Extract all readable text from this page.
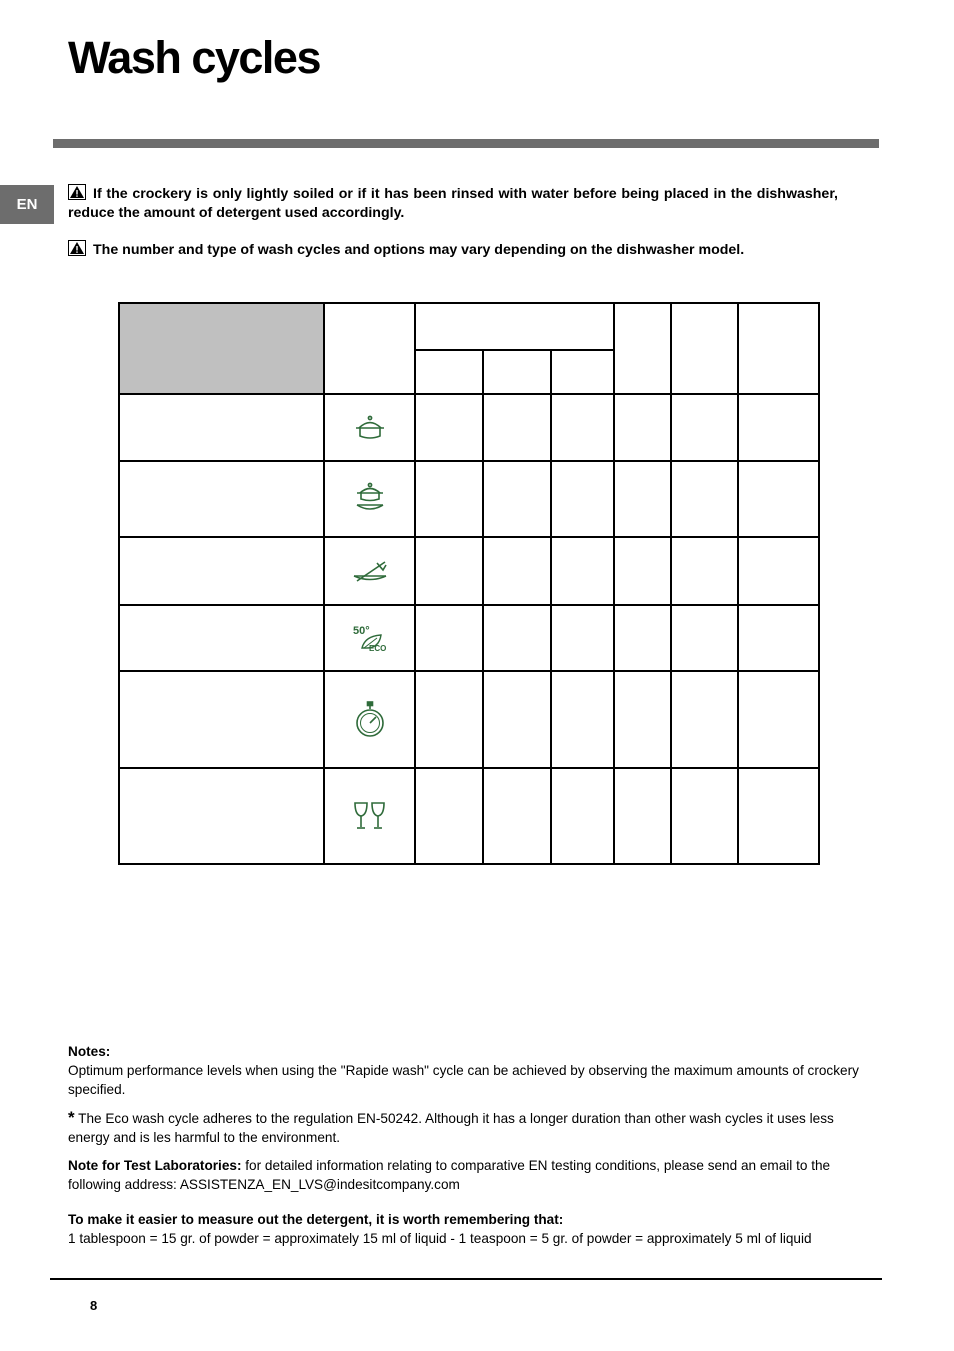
Wash cycles
EN
If the crockery is only lightly soiled or if it has been rinsed with water before being placed in the dishwasher, reduce the amount of detergent used accordingly.
The number and type of wash cycles and options may vary depending on the dishwasher model.

50°
ECO						

Notes:
Optimum performance levels when using the "Rapide wash" cycle can be achieved by observing the maximum amounts of crockery specified.

* The Eco wash cycle adheres to the regulation EN-50242. Although it has a longer duration than other wash cycles it uses less energy and is les harmful to the environment.

Note for Test Laboratories: for detailed information relating to comparative EN testing conditions, please send an email to the following address: ASSISTENZA_EN_LVS@indesitcompany.com

To make it easier to measure out the detergent, it is worth remembering that:
1 tablespoon = 15 gr. of powder = approximately 15 ml of liquid - 1 teaspoon = 5 gr. of powder = approximately 5 ml of liquid

8
